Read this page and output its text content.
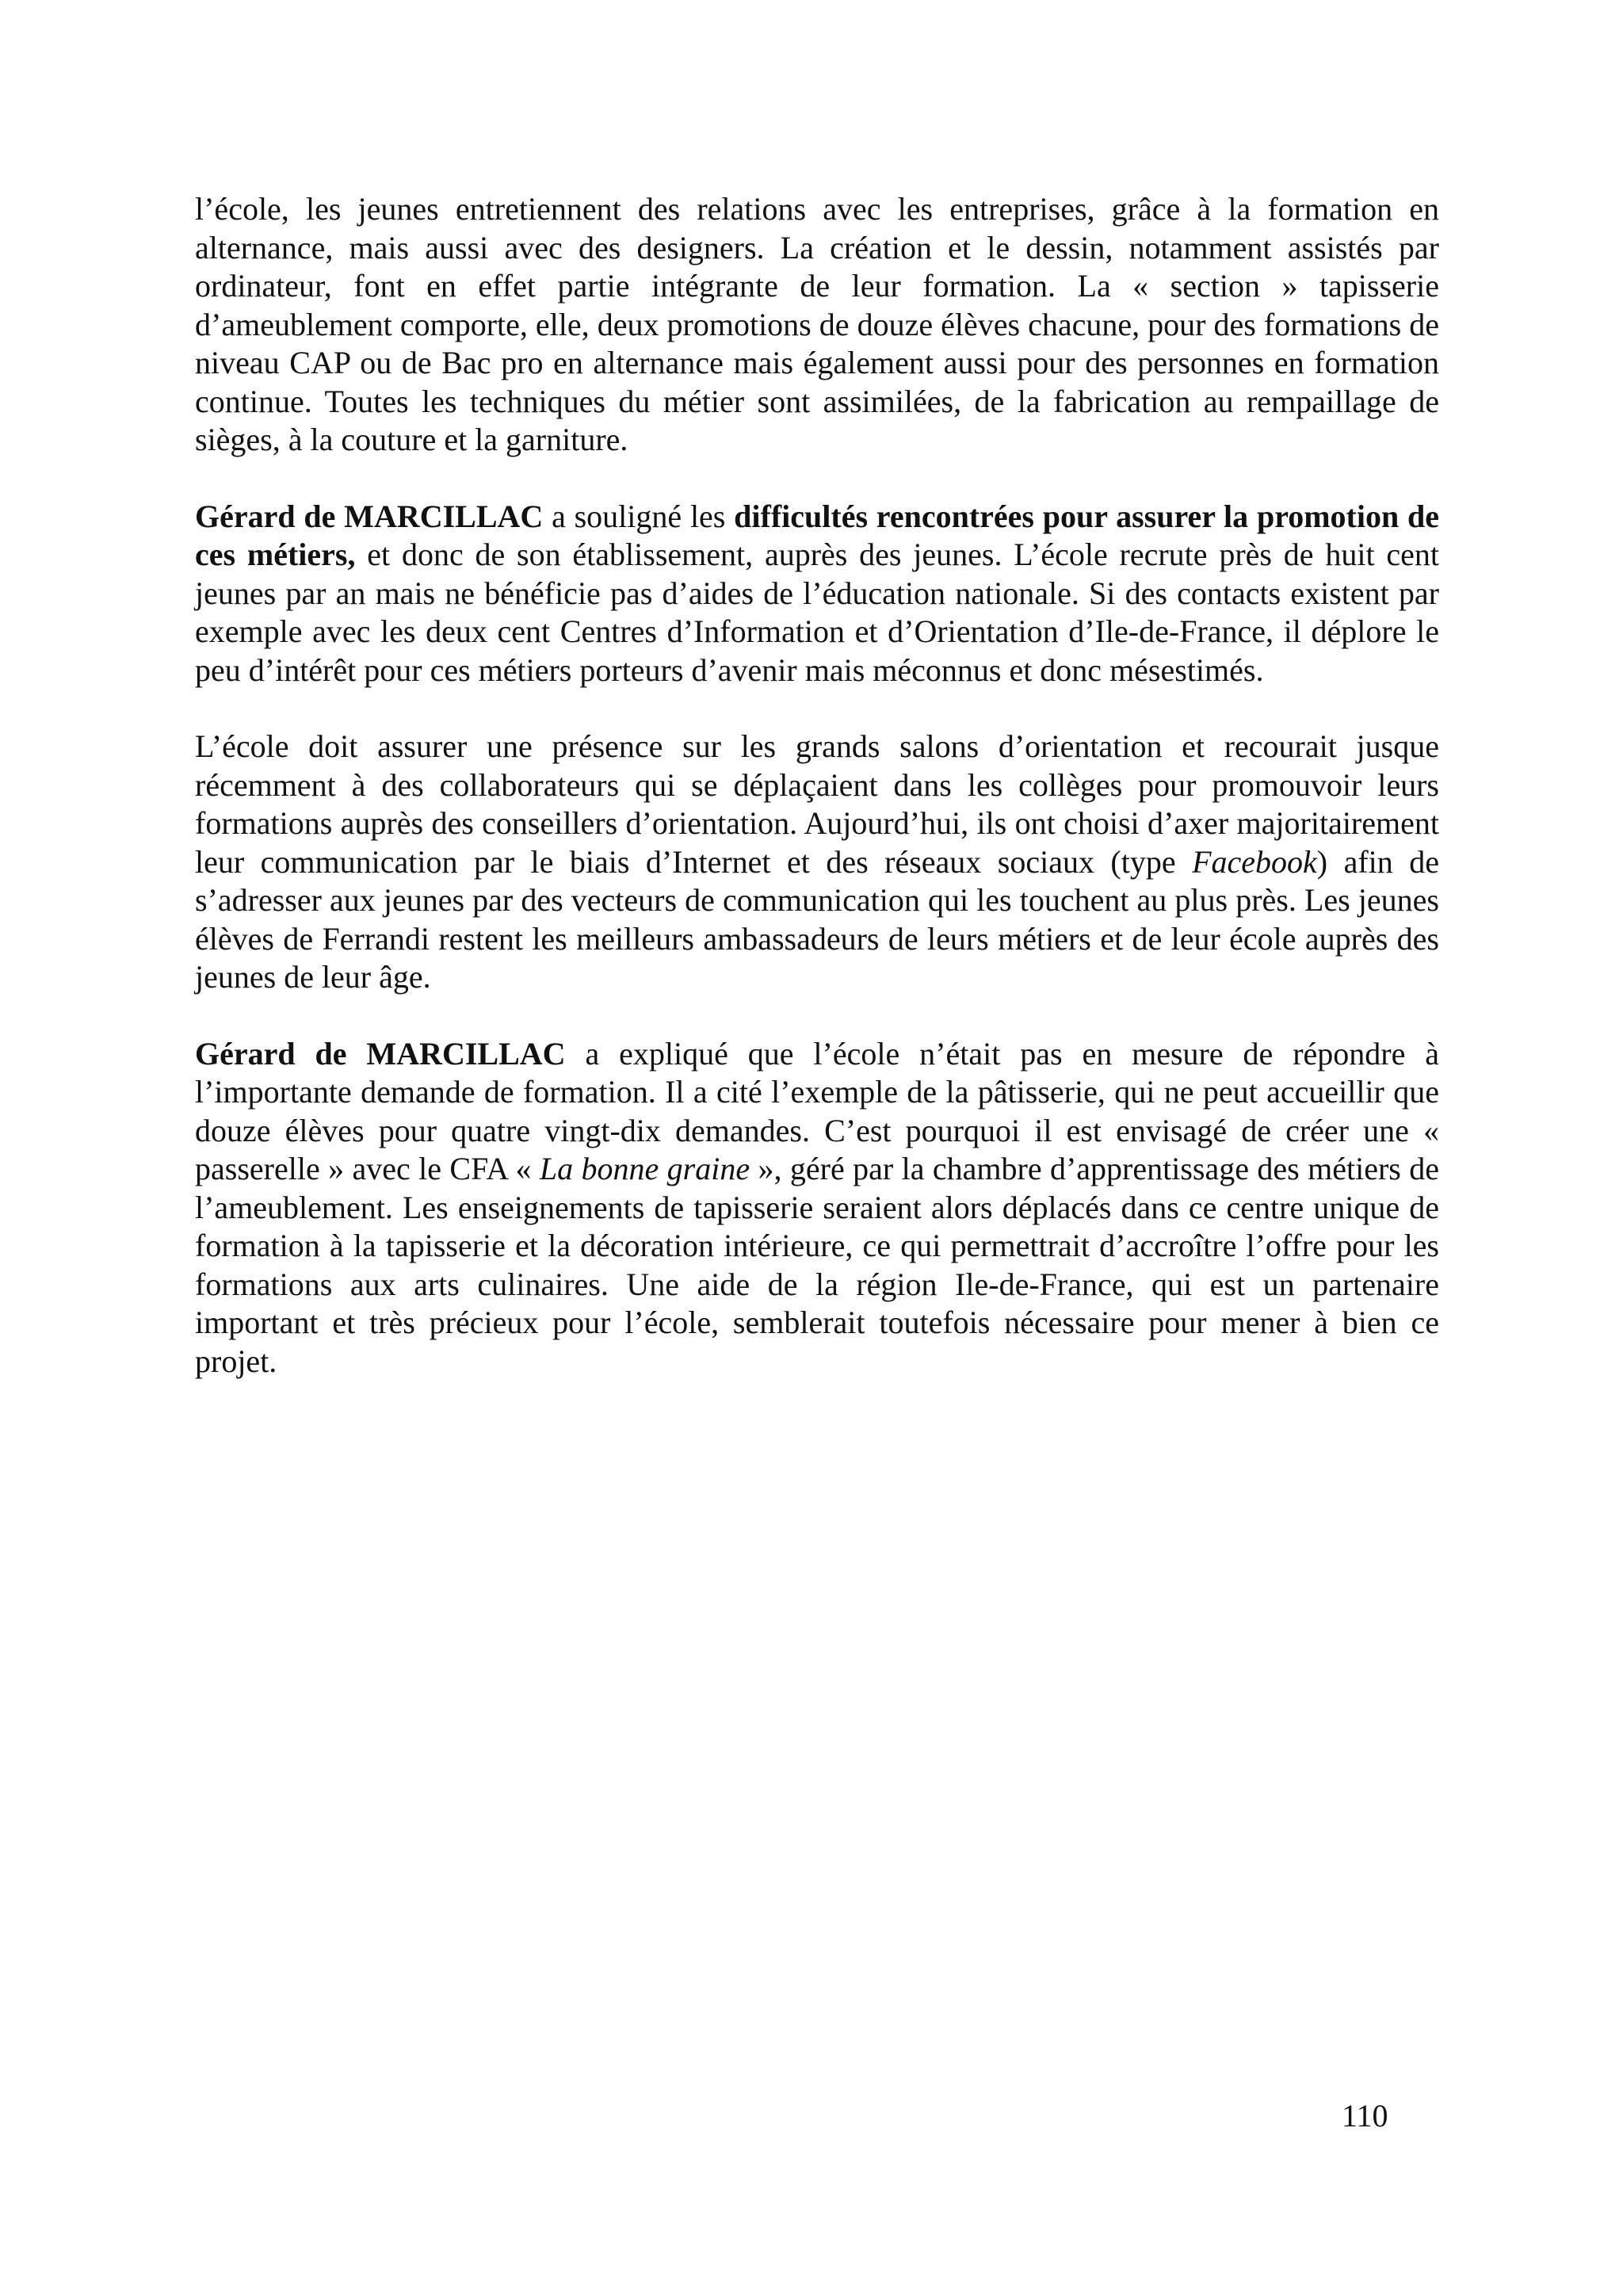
l’école, les jeunes entretiennent des relations avec les entreprises, grâce à la formation en alternance, mais aussi avec des designers. La création et le dessin, notamment assistés par ordinateur, font en effet partie intégrante de leur formation. La « section » tapisserie d’ameublement comporte, elle, deux promotions de douze élèves chacune, pour des formations de niveau CAP ou de Bac pro en alternance mais également aussi pour des personnes en formation continue. Toutes les techniques du métier sont assimilées, de la fabrication au rempaillage de sièges, à la couture et la garniture.

Gérard de MARCILLAC a souligné les difficultés rencontrées pour assurer la promotion de ces métiers, et donc de son établissement, auprès des jeunes. L’école recrute près de huit cent jeunes par an mais ne bénéficie pas d’aides de l’éducation nationale. Si des contacts existent par exemple avec les deux cent Centres d’Information et d’Orientation d’Ile-de-France, il déplore le peu d’intérêt pour ces métiers porteurs d’avenir mais méconnus et donc mésestimés.

L’école doit assurer une présence sur les grands salons d’orientation et recourait jusque récemment à des collaborateurs qui se déplaçaient dans les collèges pour promouvoir leurs formations auprès des conseillers d’orientation. Aujourd’hui, ils ont choisi d’axer majoritairement leur communication par le biais d’Internet et des réseaux sociaux (type Facebook) afin de s’adresser aux jeunes par des vecteurs de communication qui les touchent au plus près. Les jeunes élèves de Ferrandi restent les meilleurs ambassadeurs de leurs métiers et de leur école auprès des jeunes de leur âge.

Gérard de MARCILLAC a expliqué que l’école n’était pas en mesure de répondre à l’importante demande de formation. Il a cité l’exemple de la pâtisserie, qui ne peut accueillir que douze élèves pour quatre vingt-dix demandes. C’est pourquoi il est envisagé de créer une « passerelle » avec le CFA « La bonne graine », géré par la chambre d’apprentissage des métiers de l’ameublement. Les enseignements de tapisserie seraient alors déplacés dans ce centre unique de formation à la tapisserie et la décoration intérieure, ce qui permettrait d’accroître l’offre pour les formations aux arts culinaires. Une aide de la région Ile-de-France, qui est un partenaire important et très précieux pour l’école, semblerait toutefois nécessaire pour mener à bien ce projet.

110
